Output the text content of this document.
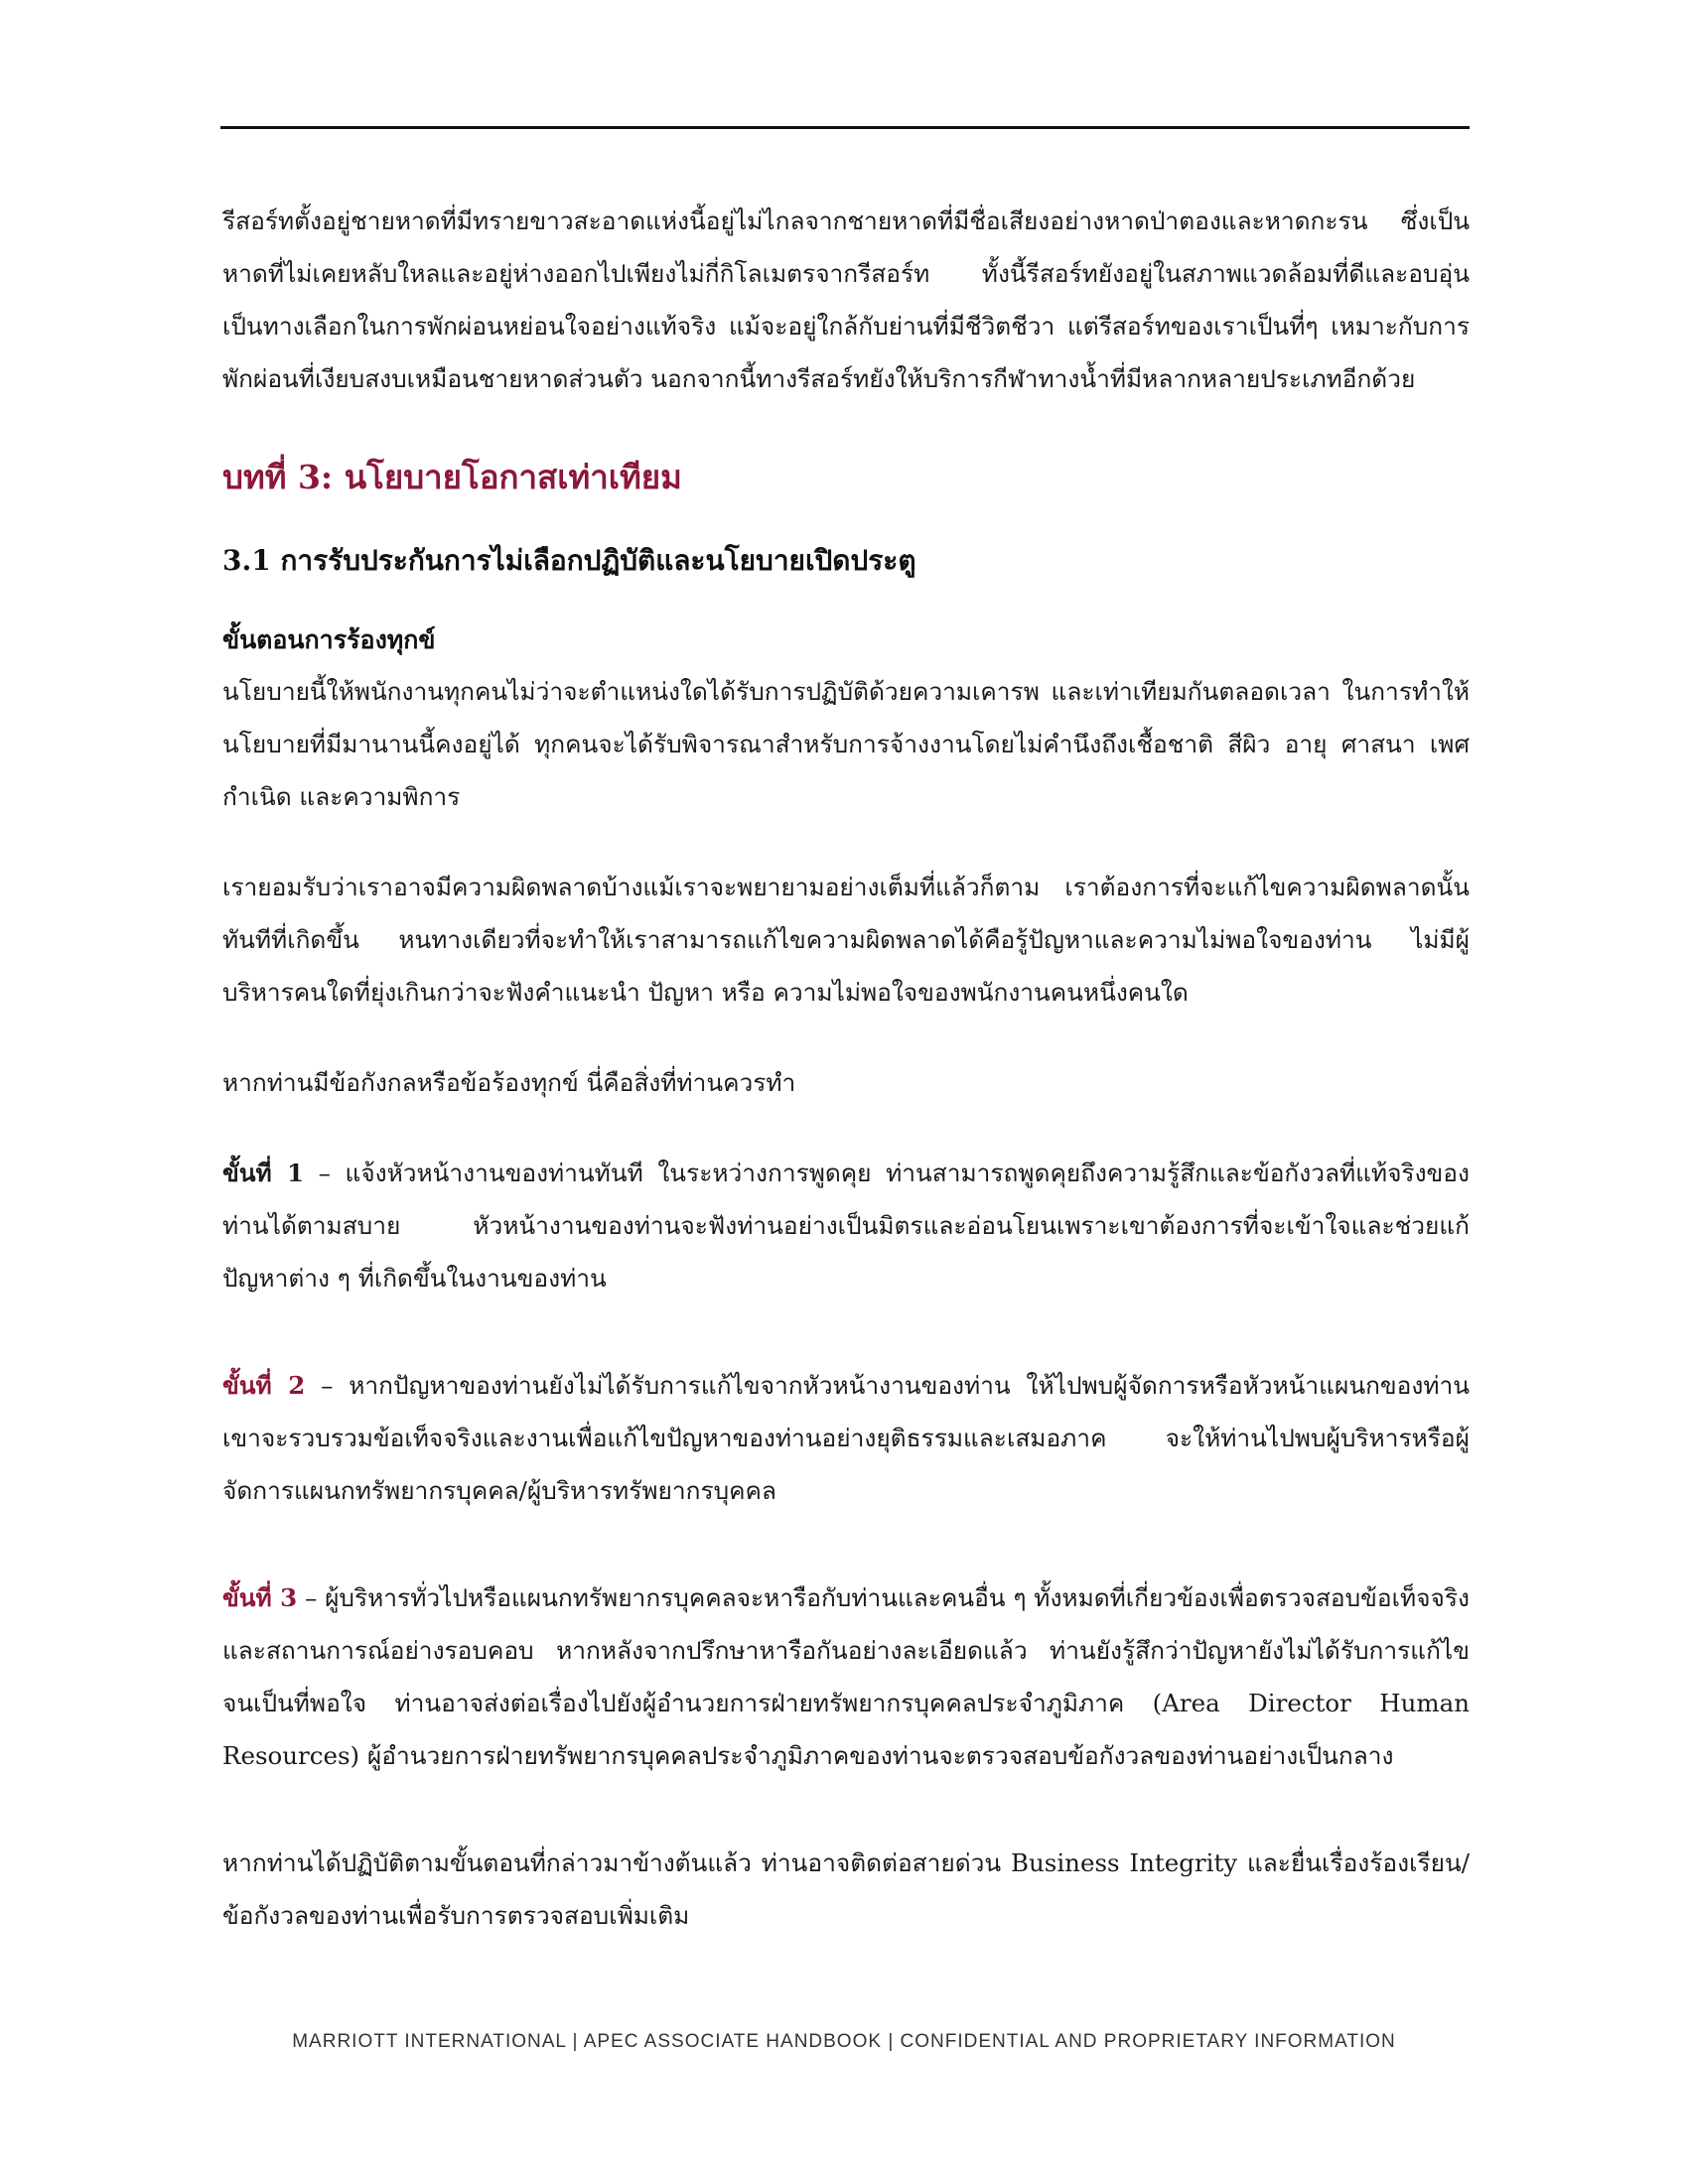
รีสอร์ทตั้งอยู่ชายหาดที่มีทรายขาวสะอาดแห่งนี้อยู่ไม่ไกลจากชายหาดที่มีชื่อเสียงอย่างหาดป่าตองและหาดกะรน ซึ่งเป็นหาดที่ไม่เคยหลับใหลและอยู่ห่างออกไปเพียงไม่กี่กิโลเมตรจากรีสอร์ท ทั้งนี้รีสอร์ทยังอยู่ในสภาพแวดล้อมที่ดีและอบอุ่น เป็นทางเลือกในการพักผ่อนหย่อนใจอย่างแท้จริง แม้จะอยู่ใกล้กับย่านที่มีชีวิตชีวา แต่รีสอร์ทของเราเป็นที่ๆ เหมาะกับการพักผ่อนที่เงียบสงบเหมือนชายหาดส่วนตัว นอกจากนี้ทางรีสอร์ทยังให้บริการกีฬาทางน้ำที่มีหลากหลายประเภทอีกด้วย

บทที่ 3: นโยบายโอกาสเท่าเทียม
3.1 การรับประกันการไม่เลือกปฏิบัติและนโยบายเปิดประตู
ขั้นตอนการร้องทุกข์

นโยบายนี้ให้พนักงานทุกคนไม่ว่าจะตำแหน่งใดได้รับการปฏิบัติด้วยความเคารพ และเท่าเทียมกันตลอดเวลา ในการทำให้นโยบายที่มีมานานนี้คงอยู่ได้ ทุกคนจะได้รับพิจารณาสำหรับการจ้างงานโดยไม่คำนึงถึงเชื้อชาติ สีผิว อายุ ศาสนา เพศกำเนิด และความพิการ

เรายอมรับว่าเราอาจมีความผิดพลาดบ้างแม้เราจะพยายามอย่างเต็มที่แล้วก็ตาม เราต้องการที่จะแก้ไขความผิดพลาดนั้นทันทีที่เกิดขึ้น หนทางเดียวที่จะทำให้เราสามารถแก้ไขความผิดพลาดได้คือรู้ปัญหาและความไม่พอใจของท่าน ไม่มีผู้บริหารคนใดที่ยุ่งเกินกว่าจะฟังคำแนะนำ ปัญหา หรือ ความไม่พอใจของพนักงานคนหนึ่งคนใด

หากท่านมีข้อกังกลหรือข้อร้องทุกข์ นี่คือสิ่งที่ท่านควรทำ

ขั้นที่ 1 – แจ้งหัวหน้างานของท่านทันที ในระหว่างการพูดคุย ท่านสามารถพูดคุยถึงความรู้สึกและข้อกังวลที่แท้จริงของท่านได้ตามสบาย หัวหน้างานของท่านจะฟังท่านอย่างเป็นมิตรและอ่อนโยนเพราะเขาต้องการที่จะเข้าใจและช่วยแก้ปัญหาต่าง ๆ ที่เกิดขึ้นในงานของท่าน

ขั้นที่ 2 – หากปัญหาของท่านยังไม่ได้รับการแก้ไขจากหัวหน้างานของท่าน ให้ไปพบผู้จัดการหรือหัวหน้าแผนกของท่าน เขาจะรวบรวมข้อเท็จจริงและงานเพื่อแก้ไขปัญหาของท่านอย่างยุติธรรมและเสมอภาค จะให้ท่านไปพบผู้บริหารหรือผู้จัดการแผนกทรัพยากรบุคคล/ผู้บริหารทรัพยากรบุคคล

ขั้นที่ 3 – ผู้บริหารทั่วไปหรือแผนกทรัพยากรบุคคลจะหารือกับท่านและคนอื่น ๆ ทั้งหมดที่เกี่ยวข้องเพื่อตรวจสอบข้อเท็จจริงและสถานการณ์อย่างรอบคอบ หากหลังจากปรึกษาหารือกันอย่างละเอียดแล้ว ท่านยังรู้สึกว่าปัญหายังไม่ได้รับการแก้ไขจนเป็นที่พอใจ ท่านอาจส่งต่อเรื่องไปยังผู้อำนวยการฝ่ายทรัพยากรบุคคลประจำภูมิภาค (Area Director Human Resources) ผู้อำนวยการฝ่ายทรัพยากรบุคคลประจำภูมิภาคของท่านจะตรวจสอบข้อกังวลของท่านอย่างเป็นกลาง

หากท่านได้ปฏิบัติตามขั้นตอนที่กล่าวมาข้างต้นแล้ว ท่านอาจติดต่อสายด่วน Business Integrity และยื่นเรื่องร้องเรียน/ข้อกังวลของท่านเพื่อรับการตรวจสอบเพิ่มเติม

MARRIOTT INTERNATIONAL | APEC ASSOCIATE HANDBOOK | CONFIDENTIAL AND PROPRIETARY INFORMATION
